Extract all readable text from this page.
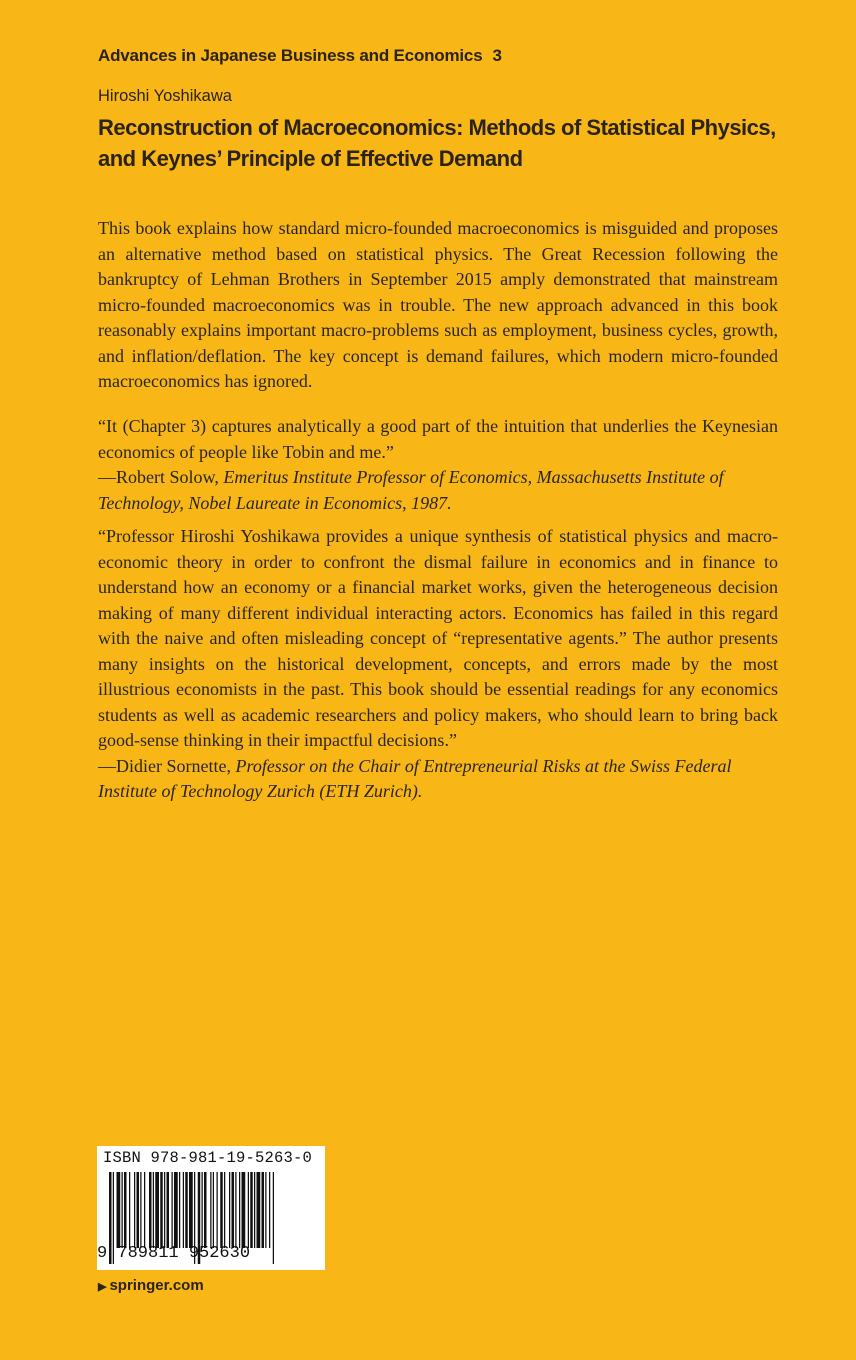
Advances in Japanese Business and Economics 3
Hiroshi Yoshikawa
Reconstruction of Macroeconomics: Methods of Statistical Physics,
and Keynes’ Principle of Effective Demand

This book explains how standard micro-founded macroeconomics is misguided and proposes an alternative method based on statistical physics. The Great Recession following the bankruptcy of Lehman Brothers in September 2015 amply demonstrated that mainstream micro-founded macroeconomics was in trouble. The new approach advanced in this book reasonably explains important macro-problems such as employment, business cycles, growth, and inflation/deflation. The key concept is demand failures, which modern micro-founded macroeconomics has ignored.

“It (Chapter 3) captures analytically a good part of the intuition that underlies the Keynesian economics of people like Tobin and me.”

—Robert Solow, Emeritus Institute Professor of Economics, Massachusetts Institute of Technology, Nobel Laureate in Economics, 1987.

“Professor Hiroshi Yoshikawa provides a unique synthesis of statistical physics and macro-economic theory in order to confront the dismal failure in economics and in finance to understand how an economy or a financial market works, given the heterogeneous decision making of many different individual interacting actors. Economics has failed in this regard with the naive and often misleading concept of “representative agents.” The author presents many insights on the historical development, concepts, and errors made by the most illustrious economists in the past. This book should be essential readings for any economics students as well as academic researchers and policy makers, who should learn to bring back good-sense thinking in their impactful decisions.”

—Didier Sornette, Professor on the Chair of Entrepreneurial Risks at the Swiss Federal Institute of Technology Zurich (ETH Zurich).

ISBN 978-981-19-5263-0
9 789811 952630
▶ springer.com
